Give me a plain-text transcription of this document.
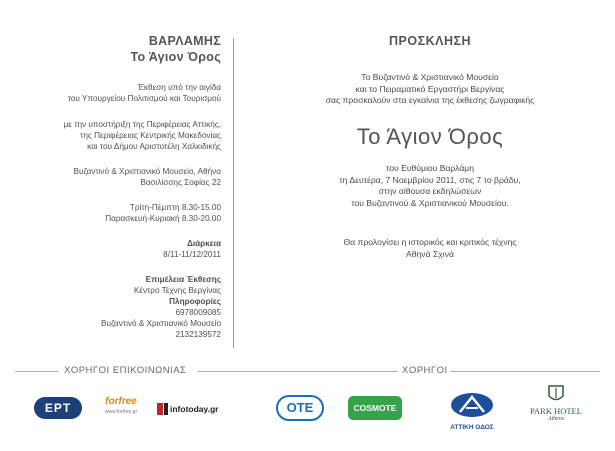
ΒΑΡΛΑΜΗΣ
Το Άγιον Όρος
Έκθεση υπό την αιγίδα
του Υπουργείου Πολιτισμού και Τουρισμού
με την υποστήριξη της Περιφέρειας Αττικής,
της Περιφέρειας Κεντρικής Μακεδονίας
και του Δήμου Αριστοτέλη Χαλκιδικής
Βυζαντινό & Χριστιανικό Μουσείο, Αθήνα
Βασιλίσσης Σοφίας 22
Τρίτη-Πέμπτη 8.30-15.00
Παρασκευή-Κυριακή 8.30-20.00
Διάρκεια
8/11-11/12/2011
Επιμέλεια Έκθεσης
Κέντρο Τέχνης Βεργίνας
Πληροφορίες
6978009085
Βυζαντινό & Χριστιανικό Μουσείο
2132139572
ΠΡΟΣΚΛΗΣΗ
Το Βυζαντινό & Χριστιανικό Μουσείο
και το Πειραματικό Εργαστήρι Βεργίνας
σας προσκαλούν στα εγκαίνια της έκθεσης ζωγραφικής
Το Άγιον Όρος
του Ευθύμιου Βαρλάμη
τη Δευτέρα, 7 Νοεμβρίου 2011, στις 7 το βράδυ,
στην αίθουσα εκδηλώσεων
του Βυζαντινού & Χριστιανικού Μουσείου.
Θα προλογίσει η ιστορικός και κριτικός τέχνης
Αθηνά Σχινά
ΧΟΡΗΓΟΙ ΕΠΙΚΟΙΝΩΝΙΑΣ	ΧΟΡΗΓΟΙ
ΕΡΤ	forfree
www.forfree.gr	infotoday.gr	ΟΤΕ	COSMOTE
ΑΤΤΙΚΗ ΟΔΟΣ
PARK HOTEL
Athens
